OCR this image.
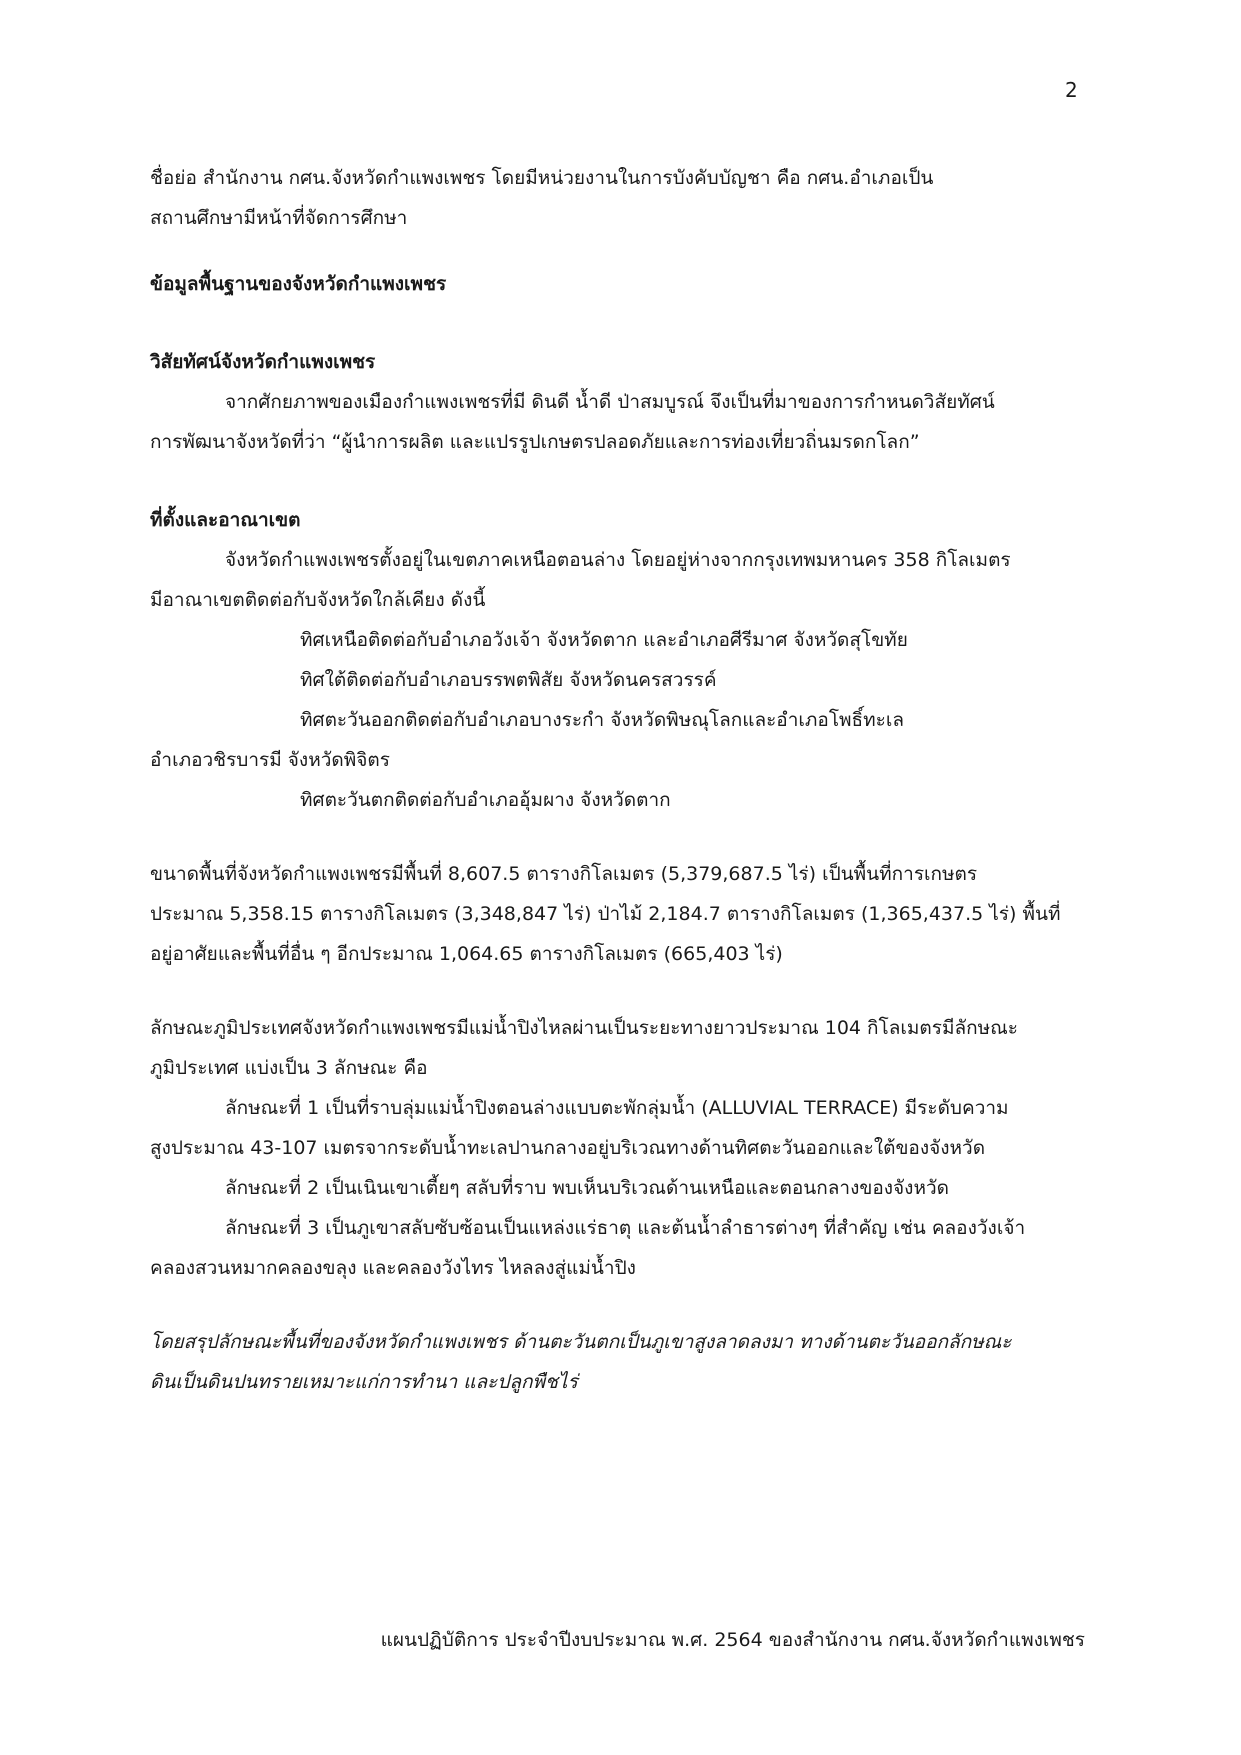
2

ชื่อย่อ สำนักงาน กศน.จังหวัดกำแพงเพชร โดยมีหน่วยงานในการบังคับบัญชา คือ กศน.อำเภอเป็น

สถานศึกษามีหน้าที่จัดการศึกษา

ข้อมูลพื้นฐานของจังหวัดกำแพงเพชร

วิสัยทัศน์จังหวัดกำแพงเพชร

จากศักยภาพของเมืองกำแพงเพชรที่มี ดินดี น้ำดี ป่าสมบูรณ์ จึงเป็นที่มาของการกำหนดวิสัยทัศน์

การพัฒนาจังหวัดที่ว่า “ผู้นำการผลิต และแปรรูปเกษตรปลอดภัยและการท่องเที่ยวถิ่นมรดกโลก”

ที่ตั้งและอาณาเขต

จังหวัดกำแพงเพชรตั้งอยู่ในเขตภาคเหนือตอนล่าง โดยอยู่ห่างจากกรุงเทพมหานคร 358 กิโลเมตร

มีอาณาเขตติดต่อกับจังหวัดใกล้เคียง ดังนี้

ทิศเหนือติดต่อกับอำเภอวังเจ้า จังหวัดตาก และอำเภอศีรีมาศ จังหวัดสุโขทัย

ทิศใต้ติดต่อกับอำเภอบรรพตพิสัย จังหวัดนครสวรรค์

ทิศตะวันออกติดต่อกับอำเภอบางระกำ จังหวัดพิษณุโลกและอำเภอโพธิ์ทะเล

อำเภอวชิรบารมี จังหวัดพิจิตร

ทิศตะวันตกติดต่อกับอำเภออุ้มผาง จังหวัดตาก

ขนาดพื้นที่จังหวัดกำแพงเพชรมีพื้นที่ 8,607.5 ตารางกิโลเมตร (5,379,687.5 ไร่) เป็นพื้นที่การเกษตร

ประมาณ 5,358.15 ตารางกิโลเมตร (3,348,847 ไร่) ป่าไม้ 2,184.7 ตารางกิโลเมตร (1,365,437.5 ไร่) พื้นที่

อยู่อาศัยและพื้นที่อื่น ๆ อีกประมาณ 1,064.65 ตารางกิโลเมตร (665,403 ไร่)

ลักษณะภูมิประเทศจังหวัดกำแพงเพชรมีแม่น้ำปิงไหลผ่านเป็นระยะทางยาวประมาณ 104 กิโลเมตรมีลักษณะ

ภูมิประเทศ แบ่งเป็น 3 ลักษณะ คือ

ลักษณะที่ 1 เป็นที่ราบลุ่มแม่น้ำปิงตอนล่างแบบตะพักลุ่มน้ำ (ALLUVIAL TERRACE) มีระดับความ

สูงประมาณ 43-107 เมตรจากระดับน้ำทะเลปานกลางอยู่บริเวณทางด้านทิศตะวันออกและใต้ของจังหวัด

ลักษณะที่ 2 เป็นเนินเขาเตี้ยๆ สลับที่ราบ พบเห็นบริเวณด้านเหนือและตอนกลางของจังหวัด

ลักษณะที่ 3 เป็นภูเขาสลับซับซ้อนเป็นแหล่งแร่ธาตุ และต้นน้ำลำธารต่างๆ ที่สำคัญ เช่น คลองวังเจ้า

คลองสวนหมากคลองขลุง และคลองวังไทร ไหลลงสู่แม่น้ำปิง

โดยสรุปลักษณะพื้นที่ของจังหวัดกำแพงเพชร ด้านตะวันตกเป็นภูเขาสูงลาดลงมา ทางด้านตะวันออกลักษณะ

ดินเป็นดินปนทรายเหมาะแก่การทำนา และปลูกพืชไร่

แผนปฏิบัติการ ประจำปีงบประมาณ พ.ศ. 2564 ของสำนักงาน กศน.จังหวัดกำแพงเพชร
